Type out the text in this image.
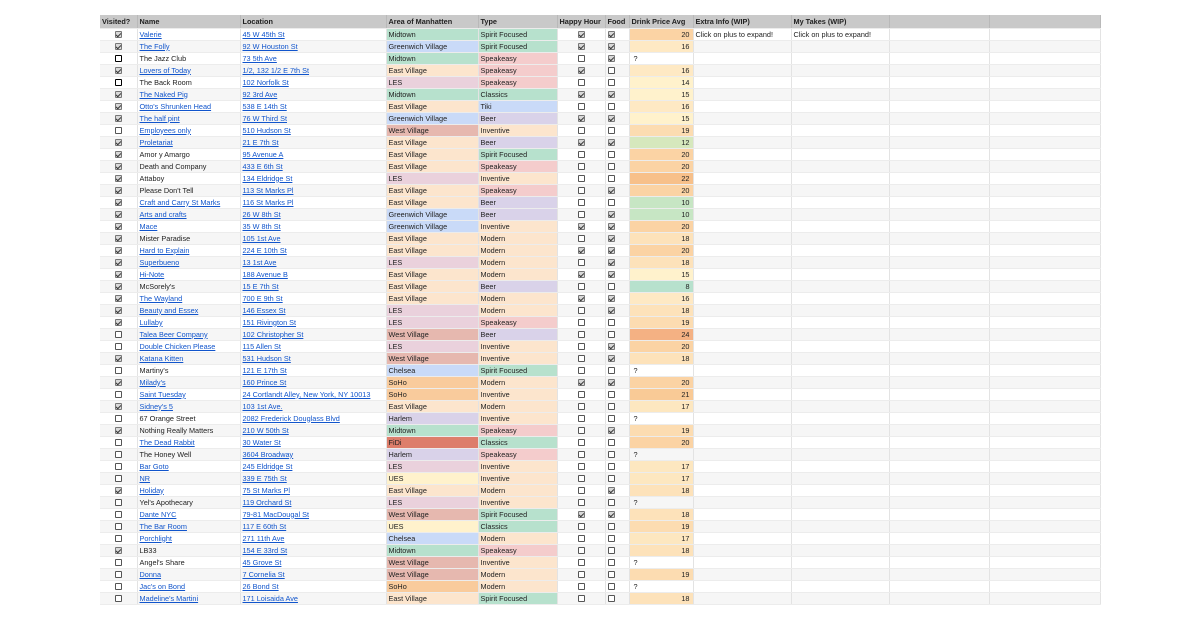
Visited?	Name	Location	Area of Manhatten	Type	Happy Hour	Food	Drink Price Avg	Extra Info (WIP)	My Takes (WIP)		
	Valerie	45 W 45th St	Midtown	Spirit Focused			20	Click on plus to expand!	Click on plus to expand!		
	The Folly	92 W Houston St	Greenwich Village	Spirit Focused			16				
	The Jazz Club	73 5th Ave	Midtown	Speakeasy			?				
	Lovers of Today	1/2, 132 1/2 E 7th St	East Village	Speakeasy			16				
	The Back Room	102 Norfolk St	LES	Speakeasy			14				
	The Naked Pig	92 3rd Ave	Midtown	Classics			15				
	Otto's Shrunken Head	538 E 14th St	East Village	Tiki			16				
	The half pint	76 W Third St	Greenwich Village	Beer			15				
	Employees only	510 Hudson St	West Village	Inventive			19				
	Proletariat	21 E 7th St	East Village	Beer			12				
	Amor y Amargo	95 Avenue A	East Village	Spirit Focused			20				
	Death and Company	433 E 6th St	East Village	Speakeasy			20				
	Attaboy	134 Eldridge St	LES	Inventive			22				
	Please Don't Tell	113 St Marks Pl	East Village	Speakeasy			20				
	Craft and Carry St Marks	116 St Marks Pl	East Village	Beer			10				
	Arts and crafts	26 W 8th St	Greenwich Village	Beer			10				
	Mace	35 W 8th St	Greenwich Village	Inventive			20				
	Mister Paradise	105 1st Ave	East Village	Modern			18				
	Hard to Explain	224 E 10th St	East Village	Modern			20				
	Superbueno	13 1st Ave	LES	Modern			18				
	Hi-Note	188 Avenue B	East Village	Modern			15				
	McSorely's	15 E 7th St	East Village	Beer			8				
	The Wayland	700 E 9th St	East Village	Modern			16				
	Beauty and Essex	146 Essex St	LES	Modern			18				
	Lullaby	151 Rivington St	LES	Speakeasy			19				
	Talea Beer Company	102 Christopher St	West Village	Beer			24				
	Double Chicken Please	115 Allen St	LES	Inventive			20				
	Katana Kitten	531 Hudson St	West Village	Inventive			18				
	Martiny's	121 E 17th St	Chelsea	Spirit Focused			?				
	Milady's	160 Prince St	SoHo	Modern			20				
	Saint Tuesday	24 Cortlandt Alley, New York, NY 10013	SoHo	Inventive			21				
	Sidney's 5	103 1st Ave.	East Village	Modern			17				
	67 Orange Street	2082 Frederick Douglass Blvd	Harlem	Inventive			?				
	Nothing Really Matters	210 W 50th St	Midtown	Speakeasy			19				
	The Dead Rabbit	30 Water St	FiDi	Classics			20				
	The Honey Well	3604 Broadway	Harlem	Speakeasy			?				
	Bar Goto	245 Eldridge St	LES	Inventive			17				
	NR	339 E 75th St	UES	Inventive			17				
	Holiday	75 St Marks Pl	East Village	Modern			18				
	Yel's Apothecary	119 Orchard St	LES	Inventive			?				
	Dante NYC	79-81 MacDougal St	West Village	Spirit Focused			18				
	The Bar Room	117 E 60th St	UES	Classics			19				
	Porchlight	271 11th Ave	Chelsea	Modern			17				
	LB33	154 E 33rd St	Midtown	Speakeasy			18				
	Angel's Share	45 Grove St	West Village	Inventive			?				
	Donna	7 Cornelia St	West Village	Modern			19				
	Jac's on Bond	26 Bond St	SoHo	Modern			?				
	Madeline's Martini	171 Loisaida Ave	East Village	Spirit Focused			18				
